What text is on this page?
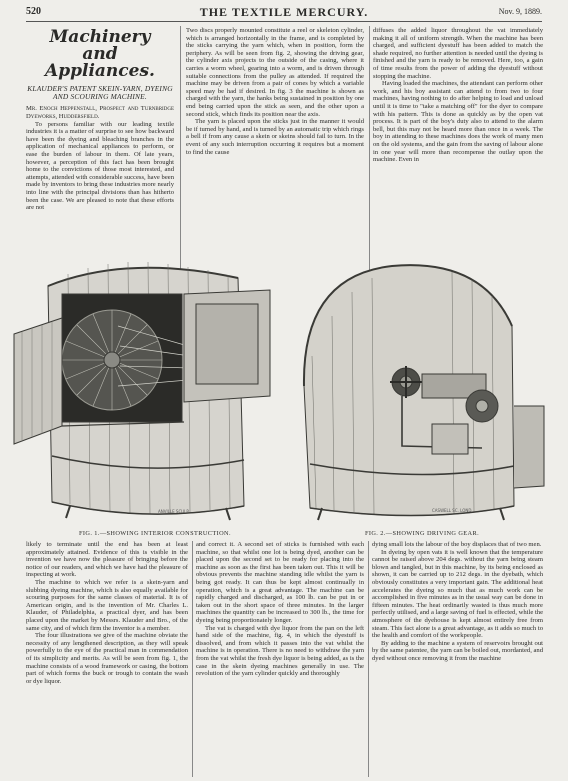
520	THE TEXTILE MERCURY.	Nov. 9, 1889.
Machinery
and Appliances.
KLAUDER'S PATENT SKEIN-YARN, DYEING AND SCOURING MACHINE.

Mr. Enoch Heppenstall, Prospect and Turnbridge Dyeworks, Huddersfield.

To persons familiar with our leading textile industries it is a matter of surprise to see how backward have been the dyeing and bleaching branches in the application of mechanical appliances to perform, or ease the burden of labour in them. Of late years, however, a perception of this fact has been brought home to the convictions of those most interested, and attempts, attended with considerable success, have been made by inventors to bring these industries more nearly into line with the principal divisions than has hitherto been the case. We are pleased to note that these efforts are not

Two discs properly mounted constitute a reel or skeleton cylinder, which is arranged horizontally in the frame, and is completed by the sticks carrying the yarn which, when in position, form the periphery. As will be seen from fig. 2, showing the driving gear, the cylinder axis projects to the outside of the casing, where it carries a worm wheel, gearing into a worm, and is driven through suitable connections from the pulley as attended. If required the machine may be driven from a pair of cones by which a variable speed may be had if desired. In fig. 3 the machine is shown as charged with the yarn, the hanks being sustained in position by one end being carried upon the stick as seen, and the other upon a second stick, which finds its position near the axis.

The yarn is placed upon the sticks just in the manner it would be if turned by hand, and is turned by an automatic trip which rings a bell if from any cause a skein or skeins should fail to turn. In the event of any such interruption occurring it requires but a moment to find the cause

diffuses the added liquor throughout the vat immediately making it all of uniform strength. When the machine has been charged, and sufficient dyestuff has been added to match the shade required, no further attention is needed until the dyeing is finished and the yarn is ready to be removed. Here, too, a gain of time results from the power of adding the dyestuff without stopping the machine.

Having loaded the machines, the attendant can perform other work, and his boy assistant can attend to from two to four machines, having nothing to do after helping to load and unload until it is time to "take a matching off" for the dyer to compare with his pattern. This is done as quickly as by the open vat process. It is part of the boy's duty also to attend to the alarm bell, but this may not be heard more than once in a week. The boy in attending to these machines does the work of many men on the old systems, and the gain from the saving of labour alone in one year will more than recompense the outlay upon the machine. Even in

ANVILLE SCULP	CASWELL SC. LOND.
FIG. 1.—SHOWING INTERIOR CONSTRUCTION.	FIG. 2.—SHOWING DRIVING GEAR.

likely to terminate until the end has been at least approximately attained. Evidence of this is visible in the invention we have now the pleasure of bringing before the notice of our readers, and which we have had the pleasure of inspecting at work.

The machine to which we refer is a skein-yarn and slubbing dyeing machine, which is also equally available for scouring purposes for the same classes of material. It is of American origin, and is the invention of Mr. Charles L. Klauder, of Philadelphia, a practical dyer, and has been placed upon the market by Messrs. Klauder and Bro., of the same city, and of which firm the inventor is a member.

The four illustrations we give of the machine obviate the necessity of any lengthened description, as they will speak powerfully to the eye of the practical man in commendation of its simplicity and merits. As will be seen from fig. 1, the machine consists of a wood framework or casing, the bottom part of which forms the buck or trough to contain the wash or dye liquor.

and correct it. A second set of sticks is furnished with each machine, so that whilst one lot is being dyed, another can be placed upon the second set to be ready for placing into the machine as soon as the first has been taken out. This it will be obvious prevents the machine standing idle whilst the yarn is being got ready. It can thus be kept almost continually in operation, which is a great advantage. The machine can be rapidly charged and discharged, as 100 lb. can be put in or taken out in the short space of three minutes. In the larger machines the quantity can be increased to 300 lb., the time for dyeing being proportionately longer.

The vat is charged with dye liquor from the pan on the left hand side of the machine, fig. 4, in which the dyestuff is dissolved, and from which it passes into the vat whilst the machine is in operation. There is no need to withdraw the yarn from the vat whilst the fresh dye liquor is being added, as is the case in the skein dyeing machines generally in use. The revolution of the yarn cylinder quickly and thoroughly

dying small lots the labour of the boy displaces that of two men.

In dyeing by open vats it is well known that the temperature cannot be raised above 204 degs. without the yarn being steam blown and tangled, but in this machine, by its being enclosed as shown, it can be carried up to 212 degs. in the dyebath, which obviously constitutes a very important gain. The additional heat accelerates the dyeing so much that as much work can be accomplished in five minutes as in the usual way can be done in fifteen minutes. The heat ordinarily wasted is thus much more perfectly utilised, and a large saving of fuel is effected, while the atmosphere of the dyehouse is kept almost entirely free from steam. This fact alone is a great advantage, as it adds so much to the health and comfort of the workpeople.

By adding to the machine a system of reservoirs brought out by the same patentee, the yarn can be boiled out, mordanted, and dyed without once removing it from the machine
